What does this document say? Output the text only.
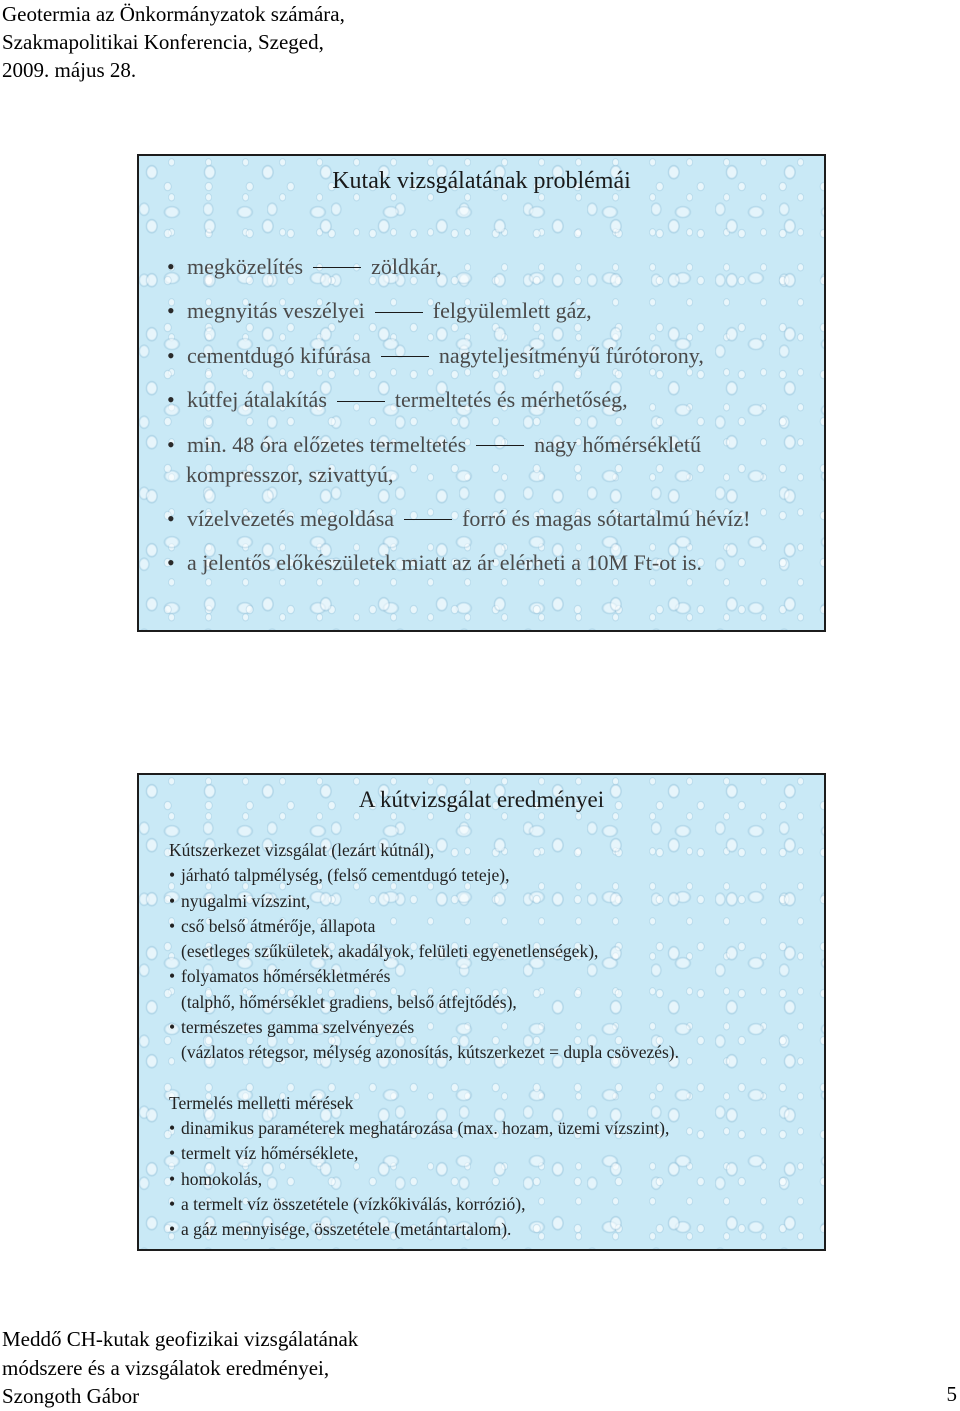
Geotermia az Önkormányzatok számára,
Szakmapolitikai Konferencia, Szeged,
2009. május 28.
Kutak vizsgálatának problémái
• megközelítés	zöldkár,
• megnyitás veszélyei	felgyülemlett gáz,
• cementdugó kifúrása	nagyteljesítményű fúrótorony,
• kútfej átalakítás	termeltetés és mérhetőség,
• min. 48 óra előzetes termeltetés	nagy hőmérsékletű
kompresszor, szivattyú,
• vízelvezetés megoldása	forró és magas sótartalmú hévíz!
• a jelentős előkészületek miatt az ár elérheti a 10M Ft-ot is.
A kútvizsgálat eredményei
Kútszerkezet vizsgálat (lezárt kútnál),
• járható talpmélység, (felső cementdugó teteje),
• nyugalmi vízszint,
• cső belső átmérője, állapota
(esetleges szűkületek, akadályok, felületi egyenetlenségek),
• folyamatos hőmérsékletmérés
(talphő, hőmérséklet gradiens, belső átfejtődés),
• természetes gamma szelvényezés
(vázlatos rétegsor, mélység azonosítás, kútszerkezet = dupla csövezés).
Termelés melletti mérések
• dinamikus paraméterek meghatározása (max. hozam, üzemi vízszint),
• termelt víz hőmérséklete,
• homokolás,
• a termelt víz összetétele (vízkőkiválás, korrózió),
• a gáz mennyisége, összetétele (metántartalom).
Meddő CH-kutak geofizikai vizsgálatának
módszere és a vizsgálatok eredményei,
Szongoth Gábor	5
